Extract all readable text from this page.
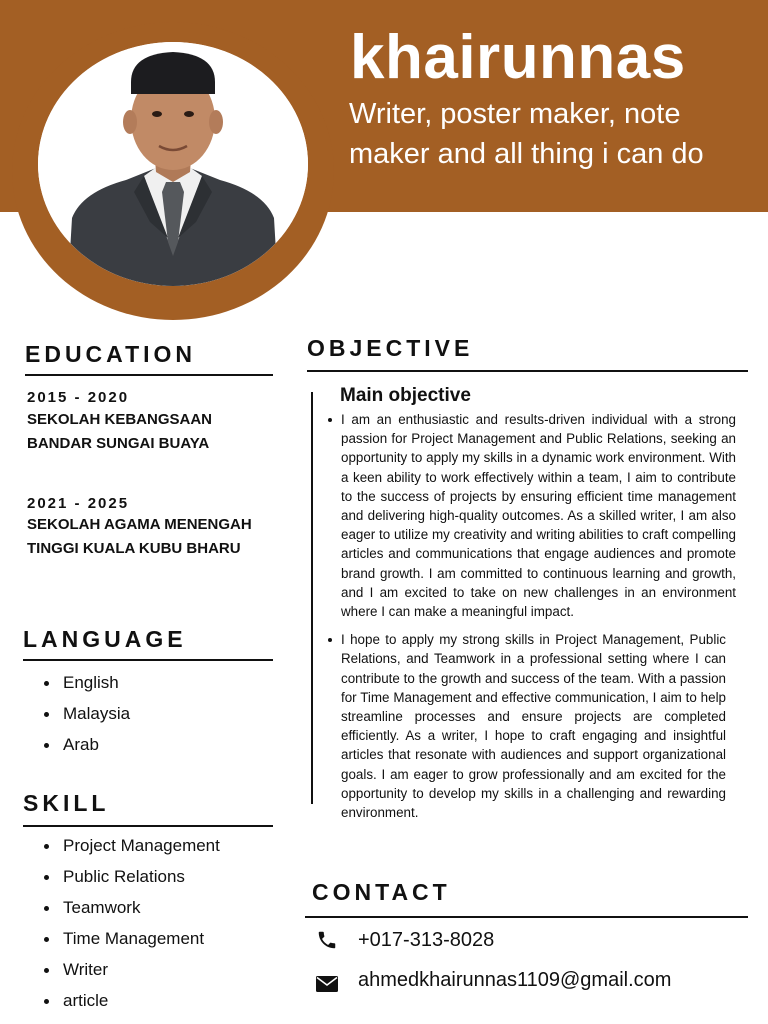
khairunnas

Writer, poster maker, note maker and all thing i can do

EDUCATION

2015 - 2020

SEKOLAH KEBANGSAAN BANDAR SUNGAI BUAYA

2021 - 2025

SEKOLAH AGAMA MENENGAH TINGGI KUALA KUBU BHARU

LANGUAGE
English
Malaysia
Arab
SKILL
Project Management
Public Relations
Teamwork
Time Management
Writer
article
OBJECTIVE
Main objective
I am an enthusiastic and results-driven individual with a strong passion for Project Management and Public Relations, seeking an opportunity to apply my skills in a dynamic work environment. With a keen ability to work effectively within a team, I aim to contribute to the success of projects by ensuring efficient time management and delivering high-quality outcomes. As a skilled writer, I am also eager to utilize my creativity and writing abilities to craft compelling articles and communications that engage audiences and promote brand growth. I am committed to continuous learning and growth, and I am excited to take on new challenges in an environment where I can make a meaningful impact.
I hope to apply my strong skills in Project Management, Public Relations, and Teamwork in a professional setting where I can contribute to the growth and success of the team. With a passion for Time Management and effective communication, I aim to help streamline processes and ensure projects are completed efficiently. As a writer, I hope to craft engaging and insightful articles that resonate with audiences and support organizational goals. I am eager to grow professionally and am excited for the opportunity to develop my skills in a challenging and rewarding environment.
CONTACT
+017-313-8028
ahmedkhairunnas1109@gmail.com
